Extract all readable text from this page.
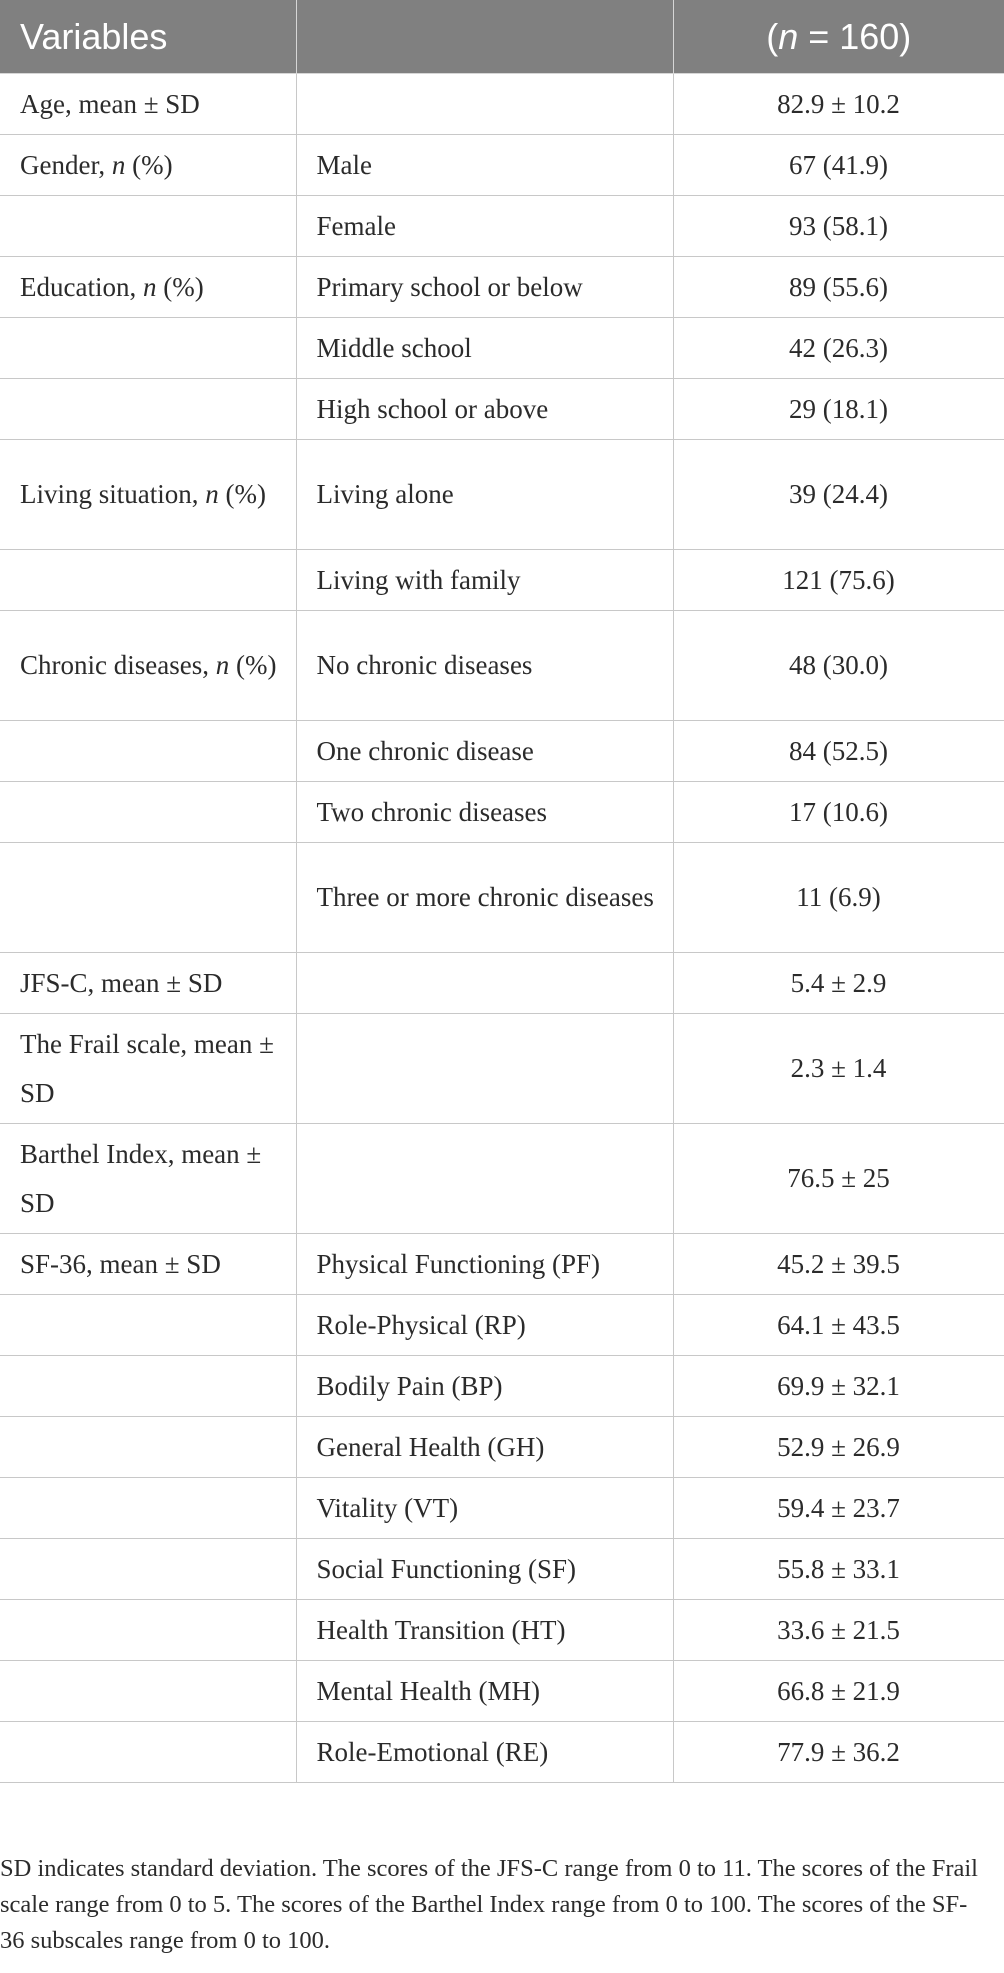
Variables		(n = 160)
Age, mean ± SD		82.9 ± 10.2
Gender, n (%)	Male	67 (41.9)
	Female	93 (58.1)
Education, n (%)	Primary school or below	89 (55.6)
	Middle school	42 (26.3)
	High school or above	29 (18.1)
Living situation, n (%)	Living alone	39 (24.4)
	Living with family	121 (75.6)
Chronic diseases, n (%)	No chronic diseases	48 (30.0)
	One chronic disease	84 (52.5)
	Two chronic diseases	17 (10.6)
	Three or more chronic diseases	11 (6.9)
JFS-C, mean ± SD		5.4 ± 2.9
The Frail scale, mean ± SD		2.3 ± 1.4
Barthel Index, mean ± SD		76.5 ± 25
SF-36, mean ± SD	Physical Functioning (PF)	45.2 ± 39.5
	Role-Physical (RP)	64.1 ± 43.5
	Bodily Pain (BP)	69.9 ± 32.1
	General Health (GH)	52.9 ± 26.9
	Vitality (VT)	59.4 ± 23.7
	Social Functioning (SF)	55.8 ± 33.1
	Health Transition (HT)	33.6 ± 21.5
	Mental Health (MH)	66.8 ± 21.9
	Role-Emotional (RE)	77.9 ± 36.2

SD indicates standard deviation. The scores of the JFS-C range from 0 to 11. The scores of the Frail scale range from 0 to 5. The scores of the Barthel Index range from 0 to 100. The scores of the SF-36 subscales range from 0 to 100.
